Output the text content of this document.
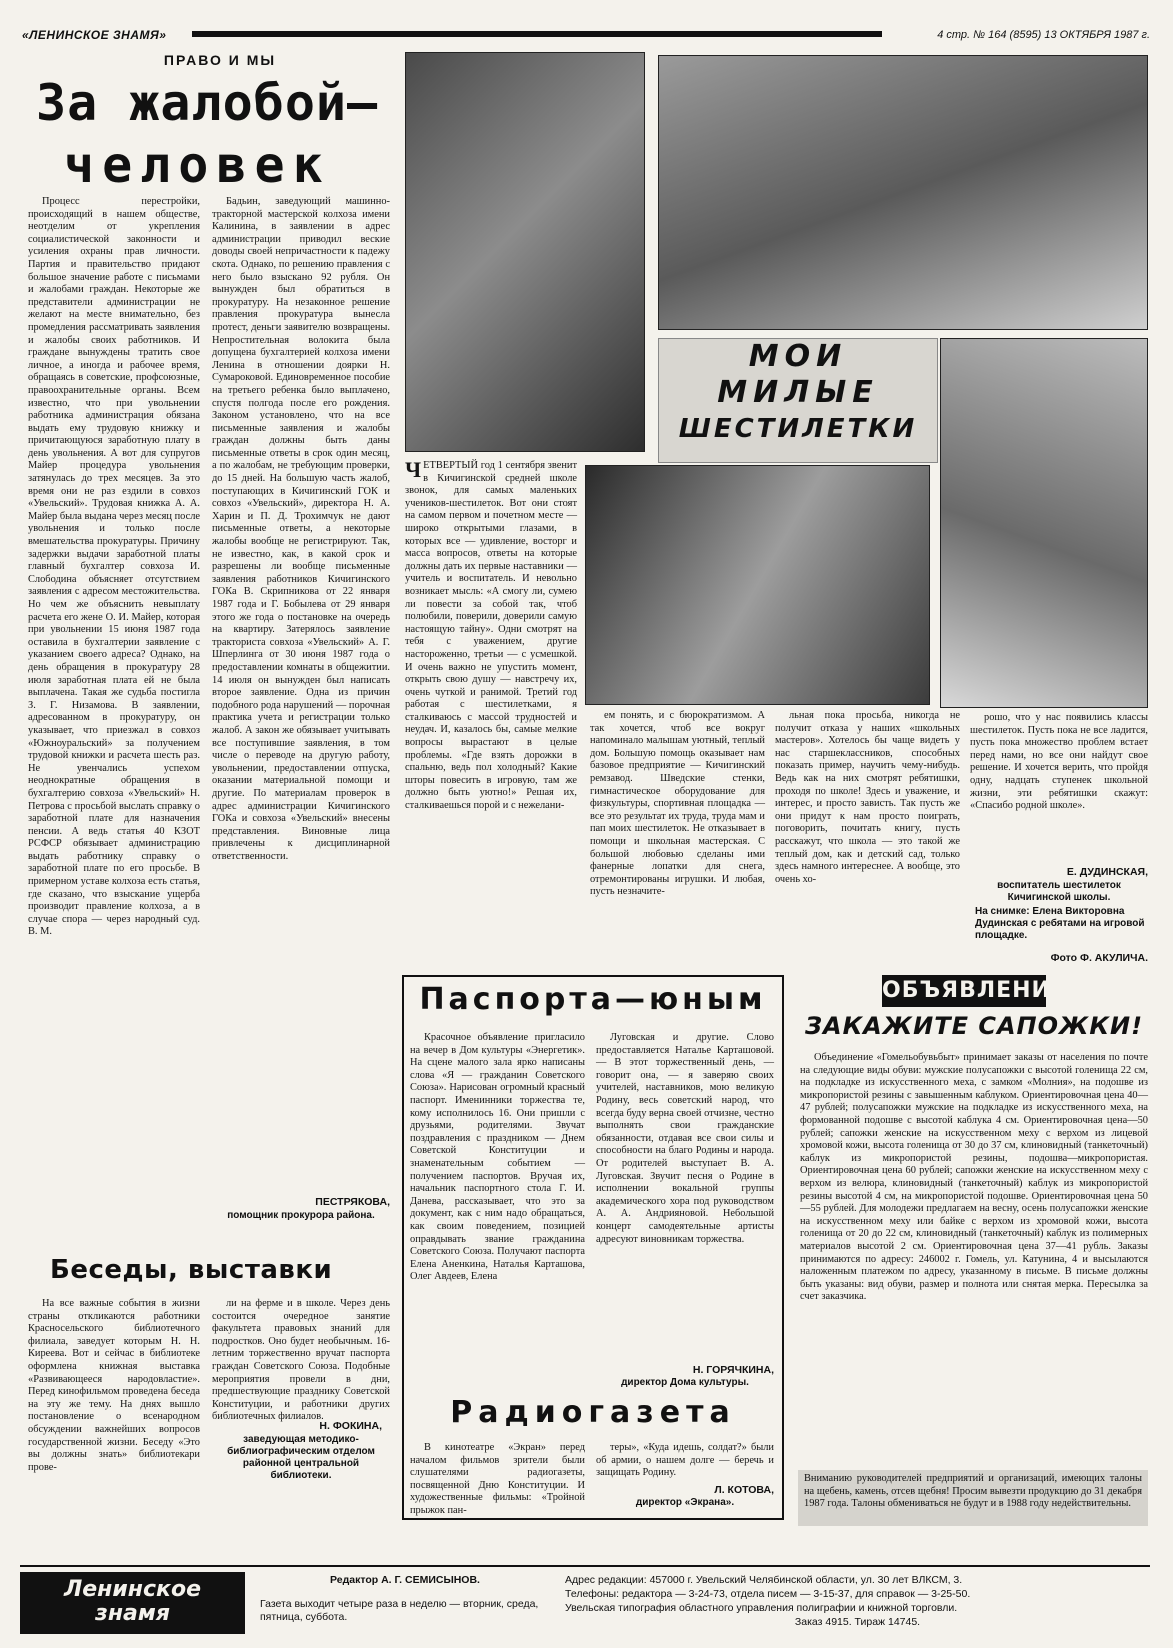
«ЛЕНИНСКОЕ ЗНАМЯ»	4 стр. № 164 (8595) 13 ОКТЯБРЯ 1987 г.
ПРАВО И МЫ
За жалобой—
человек

Процесс перестройки, происходящий в нашем обществе, неотделим от укрепления социалистической законности и усиления охраны прав личности. Партия и правительство придают большое значение работе с письмами и жалобами граждан. Некоторые же представители администрации не желают на месте внимательно, без промедления рассматривать заявления и жалобы своих работников. И граждане вынуждены тратить свое личное, а иногда и рабочее время, обращаясь в советские, профсоюзные, правоохранительные органы. Всем известно, что при увольнении работника администрация обязана выдать ему трудовую книжку и причитающуюся заработную плату в день увольнения. А вот для супругов Майер процедура увольнения затянулась до трех месяцев. За это время они не раз ездили в совхоз «Увельский». Трудовая книжка А. А. Майер была выдана через месяц после увольнения и только после вмешательства прокуратуры. Причину задержки выдачи заработной платы главный бухгалтер совхоза И. Слободина объясняет отсутствием заявления с адресом местожительства. Но чем же объяснить невыплату расчета его жене О. И. Майер, которая при увольнении 15 июня 1987 года оставила в бухгалтерии заявление с указанием своего адреса? Однако, на день обращения в прокуратуру 28 июля заработная плата ей не была выплачена. Такая же судьба постигла З. Г. Низамова. В заявлении, адресованном в прокуратуру, он указывает, что приезжал в совхоз «Южноуральский» за получением трудовой книжки и расчета шесть раз. Не увенчались успехом неоднократные обращения в бухгалтерию совхоза «Увельский» Н. Петрова с просьбой выслать справку о заработной плате для назначения пенсии. А ведь статья 40 КЗОТ РСФСР обязывает администрацию выдать работнику справку о заработной плате по его просьбе. В примерном уставе колхоза есть статья, где сказано, что взыскание ущерба производит правление колхоза, а в случае спора — через народный суд. В. М.

Бадьин, заведующий машинно-тракторной мастерской колхоза имени Калинина, в заявлении в адрес администрации приводил веские доводы своей непричастности к падежу скота. Однако, по решению правления с него было взыскано 92 рубля. Он вынужден был обратиться в прокуратуру. На незаконное решение правления прокуратура вынесла протест, деньги заявителю возвращены. Непростительная волокита была допущена бухгалтерией колхоза имени Ленина в отношении доярки Н. Сумароковой. Единовременное пособие на третьего ребенка было выплачено, спустя полгода после его рождения. Законом установлено, что на все письменные заявления и жалобы граждан должны быть даны письменные ответы в срок один месяц, а по жалобам, не требующим проверки, до 15 дней. На большую часть жалоб, поступающих в Кичигинский ГОК и совхоз «Увельский», директора Н. А. Харин и П. Д. Трохимчук не дают письменные ответы, а некоторые жалобы вообще не регистрируют. Так, не известно, как, в какой срок и разрешены ли вообще письменные заявления работников Кичигинского ГОКа В. Скрипникова от 22 января 1987 года и Г. Бобылева от 29 января этого же года о постановке на очередь на квартиру. Затерялось заявление тракториста совхоза «Увельский» А. Г. Шперлинга от 30 июня 1987 года о предоставлении комнаты в общежитии. 14 июля он вынужден был написать второе заявление. Одна из причин подобного рода нарушений — порочная практика учета и регистрации только жалоб. А закон же обязывает учитывать все поступившие заявления, в том числе о переводе на другую работу, увольнении, предоставлении отпуска, оказании материальной помощи и другие. По материалам проверок в адрес администрации Кичигинского ГОКа и совхоза «Увельский» внесены представления. Виновные лица привлечены к дисциплинарной ответственности.

ПЕСТРЯКОВА,
помощник прокурора района.
Беседы, выставки

На все важные события в жизни страны откликаются работники Красносельского библиотечного филиала, заведует которым Н. Н. Киреева. Вот и сейчас в библиотеке оформлена книжная выставка «Развивающееся народовластие». Перед кинофильмом проведена беседа на эту же тему. На днях вышло постановление о всенародном обсуждении важнейших вопросов государственной жизни. Беседу «Это вы должны знать» библиотекари прове-

ли на ферме и в школе. Через день состоится очередное занятие факультета правовых знаний для подростков. Оно будет необычным. 16-летним торжественно вручат паспорта граждан Советского Союза. Подобные мероприятия провели в дни, предшествующие празднику Советской Конституции, и работники других библиотечных филиалов.

Н. ФОКИНА,
заведующая методико-библиографическим отделом районной центральной библиотеки.
МОИ
МИЛЫЕ
ШЕСТИЛЕТКИ
ЧЕТВЕРТЫЙ год 1 сентября звенит в Кичигинской средней школе звонок, для самых маленьких учеников-шестилеток. Вот они стоят на самом первом и почетном месте — широко открытыми глазами, в которых все — удивление, восторг и масса вопросов, ответы на которые должны дать их первые наставники — учитель и воспитатель. И невольно возникает мысль: «А смогу ли, сумею ли повести за собой так, чтоб полюбили, поверили, доверили самую настоящую тайну». Одни смотрят на тебя с уважением, другие настороженно, третьи — с усмешкой. И очень важно не упустить момент, открыть свою душу — навстречу их, очень чуткой и ранимой. Третий год работая с шестилетками, я сталкиваюсь с массой трудностей и неудач. И, казалось бы, самые мелкие вопросы вырастают в целые проблемы. «Где взять дорожки в спальню, ведь пол холодный? Какие шторы повесить в игровую, там же должно быть уютно!» Решая их, сталкиваешься порой и с нежелани-

ем понять, и с бюрократизмом. А так хочется, чтоб все вокруг напоминало малышам уютный, теплый дом. Большую помощь оказывает нам базовое предприятие — Кичигинский ремзавод. Шведские стенки, гимнастическое оборудование для физкультуры, спортивная площадка — все это результат их труда, труда мам и пап моих шестилеток. Не отказывает в помощи и школьная мастерская. С большой любовью сделаны ими фанерные лопатки для снега, отремонтированы игрушки. И любая, пусть незначите-

льная пока просьба, никогда не получит отказа у наших «школьных мастеров». Хотелось бы чаще видеть у нас старшеклассников, способных показать пример, научить чему-нибудь. Ведь как на них смотрят ребятишки, проходя по школе! Здесь и уважение, и интерес, и просто зависть. Так пусть же они придут к нам просто поиграть, поговорить, почитать книгу, пусть расскажут, что школа — это такой же теплый дом, как и детский сад, только здесь намного интереснее. А вообще, это очень хо-

рошо, что у нас появились классы шестилеток. Пусть пока не все ладится, пусть пока множество проблем встает перед нами, но все они найдут свое решение. И хочется верить, что пройдя одну, надцать ступенек школьной жизни, эти ребятишки скажут: «Спасибо родной школе».

Е. ДУДИНСКАЯ,
воспитатель шестилеток Кичигинской школы.
На снимке: Елена Викторовна Дудинская с ребятами на игровой площадке.
Фото Ф. АКУЛИЧА.
Паспорта—юным

Красочное объявление пригласило на вечер в Дом культуры «Энергетик». На сцене малого зала ярко написаны слова «Я — гражданин Советского Союза». Нарисован огромный красный паспорт. Именинники торжества те, кому исполнилось 16. Они пришли с друзьями, родителями. Звучат поздравления с праздником — Днем Советской Конституции и знаменательным событием — получением паспортов. Вручая их, начальник паспортного стола Г. И. Данева, рассказывает, что это за документ, как с ним надо обращаться, как своим поведением, позицией оправдывать звание гражданина Советского Союза. Получают паспорта Елена Аненкина, Наталья Карташова, Олег Авдеев, Елена

Луговская и другие. Слово предоставляется Наталье Карташовой. — В этот торжественный день, — говорит она, — я заверяю своих учителей, наставников, мою великую Родину, весь советский народ, что всегда буду верна своей отчизне, честно выполнять свои гражданские обязанности, отдавая все свои силы и способности на благо Родины и народа. От родителей выступает В. А. Луговская. Звучит песня о Родине в исполнении вокальной группы академического хора под руководством А. А. Андрияновой. Небольшой концерт самодеятельные артисты адресуют виновникам торжества.

Н. ГОРЯЧКИНА,
директор Дома культуры.
Радиогазета

В кинотеатре «Экран» перед началом фильмов зрители были слушателями радиогазеты, посвященной Дню Конституции. И художественные фильмы: «Тройной прыжок пан-

теры», «Куда идешь, солдат?» были об армии, о нашем долге — беречь и защищать Родину.

Л. КОТОВА,
директор «Экрана».
ОБЪЯВЛЕНИЯ
ЗАКАЖИТЕ САПОЖКИ!

Объединение «Гомельобувьбыт» принимает заказы от населения по почте на следующие виды обуви: мужские полусапожки с высотой голенища 22 см, на подкладке из искусственного меха, с замком «Молния», на подошве из микропористой резины с завышенным каблуком. Ориентировочная цена 40—47 рублей; полусапожки мужские на подкладке из искусственного меха, на формованной подошве с высотой каблука 4 см. Ориентировочная цена—50 рублей; сапожки женские на искусственном меху с верхом из лицевой хромовой кожи, высота голенища от 30 до 37 см, клиновидный (танкеточный) каблук из микропористой резины, подошва—микропористая. Ориентировочная цена 60 рублей; сапожки женские на искусственном меху с верхом из велюра, клиновидный (танкеточный) каблук из микропористой резины высотой 4 см, на микропористой подошве. Ориентировочная цена 50—55 рублей. Для молодежи предлагаем на весну, осень полусапожки женские на искусственном меху или байке с верхом из хромовой кожи, высота голенища от 20 до 22 см, клиновидный (танкеточный) каблук из полимерных материалов высотой 2 см. Ориентировочная цена 37—41 рубль. Заказы принимаются по адресу: 246002 г. Гомель, ул. Катунина, 4 и высылаются наложенным платежом по адресу, указанному в письме. В письме должны быть указаны: вид обуви, размер и полнота или снятая мерка. Пересылка за счет заказчика.

Вниманию руководителей предприятий и организаций, имеющих талоны на щебень, камень, отсев щебня! Просим вывезти продукцию до 31 декабря 1987 года. Талоны обмениваться не будут и в 1988 году недействительны.
Ленинское
знамя
Редактор А. Г. СЕМИСЫНОВ.
Газета выходит четыре раза в неделю — вторник, среда, пятница, суббота.
Адрес редакции: 457000 г. Увельский Челябинской области, ул. 30 лет ВЛКСМ, 3.
Телефоны: редактора — 3-24-73, отдела писем — 3-15-37, для справок — 3-25-50.
Увельская типография областного управления полиграфии и книжной торговли.
Заказ 4915. Тираж 14745.
